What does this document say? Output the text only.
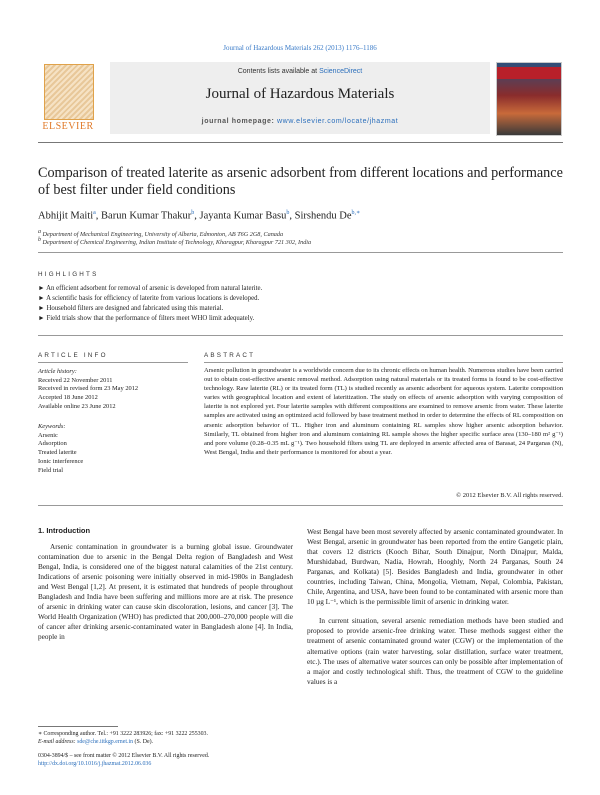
Journal of Hazardous Materials 262 (2013) 1176–1186
ELSEVIER
Contents lists available at ScienceDirect
Journal of Hazardous Materials
journal homepage: www.elsevier.com/locate/jhazmat
Comparison of treated laterite as arsenic adsorbent from different locations and performance of best filter under field conditions
Abhijit Maiti$^a$, Barun Kumar Thakur$^b$, Jayanta Kumar Basu$^b$, Sirshendu $De^{b,∗}$
a Department of Mechanical Engineering, University of Alberta, Edmonton, AB T6G 2G8, Canada
b Department of Chemical Engineering, Indian Institute of Technology, Kharagpur, Kharagpur 721 302, India
HIGHLIGHTS
► An efficient adsorbent for removal of arsenic is developed from natural laterite.
► A scientific basis for efficiency of laterite from various locations is developed.
► Household filters are designed and fabricated using this material.
► Field trials show that the performance of filters meet WHO limit adequately.
ARTICLE INFO	ABSTRACT
Article history:
Received 22 November 2011
Received in revised form 23 May 2012
Accepted 18 June 2012
Available online 23 June 2012
Keywords:
Arsenic
Adsorption
Treated laterite
Ionic interference
Field trial
Arsenic pollution in groundwater is a worldwide concern due to its chronic effects on human health. Numerous studies have been carried out to obtain cost-effective arsenic removal method. Adsorption using natural materials or its treated forms is found to be cost-effective technology. Raw laterite (RL) or its treated form (TL) is studied recently as arsenic adsorbent for aqueous system. Laterite composition varies with geographical location and extent of lateritization. The study on effects of arsenic adsorption with varying composition of laterite is not explored yet. Four laterite samples with different compositions are examined to remove arsenic from water. These laterite samples are activated using an optimized acid followed by base treatment method in order to determine the effects of RL composition on arsenic adsorption behavior of TL. Higher iron and aluminum containing RL samples show higher arsenic adsorption behavior. Similarly, TL obtained from higher iron and aluminum containing RL sample shows the higher specific surface area (130–180 m² g⁻¹) and pore volume (0.28–0.35 mL g⁻¹). Two household filters using TL are deployed in arsenic affected area of Barasat, 24 Parganas (N), West Bengal, India and their performance is monitored for about a year.
© 2012 Elsevier B.V. All rights reserved.
1. Introduction

Arsenic contamination in groundwater is a burning global issue. Groundwater contamination due to arsenic in the Bengal Delta region of Bangladesh and West Bengal, India, is considered one of the biggest natural calamities of the 21st century. Indications of arsenic poisoning were initially observed in mid-1980s in Bangladesh and West Bengal [1,2]. At present, it is estimated that hundreds of people throughout Bangladesh and India have been suffering and millions more are at risk. The presence of arsenic in drinking water can cause skin discoloration, lesions, and cancer [3]. The World Health Organization (WHO) has predicted that 200,000–270,000 people will die of cancer after drinking arsenic-contaminated water in Bangladesh alone [4]. In India, people in

West Bengal have been most severely affected by arsenic contaminated groundwater. In West Bengal, arsenic in groundwater has been reported from the entire Gangetic plain, that covers 12 districts (Kooch Bihar, South Dinajpur, North Dinajpur, Malda, Murshidabad, Burdwan, Nadia, Howrah, Hooghly, North 24 Parganas, South 24 Parganas, and Kolkata) [5]. Besides Bangladesh and India, groundwater in other countries, including Taiwan, China, Mongolia, Vietnam, Nepal, Colombia, Pakistan, Chile, Argentina, and USA, have been found to be contaminated with arsenic more than 10 µg L⁻¹, which is the permissible limit of arsenic in drinking water.

In current situation, several arsenic remediation methods have been studied and proposed to provide arsenic-free drinking water. These methods suggest either the treatment of arsenic contaminated ground water (CGW) or the implementation of the alternative options (rain water harvesting, solar distillation, surface water treatment, etc.). The uses of alternative water sources can only be possible after implementation of a major and costly technological shift. Thus, the treatment of CGW to the guideline values is a

∗ Corresponding author. Tel.: +91 3222 283926; fax: +91 3222 255303.
E-mail address: sde@che.iitkgp.ernet.in (S. De).
0304-3894/$ – see front matter © 2012 Elsevier B.V. All rights reserved.
http://dx.doi.org/10.1016/j.jhazmat.2012.06.036
